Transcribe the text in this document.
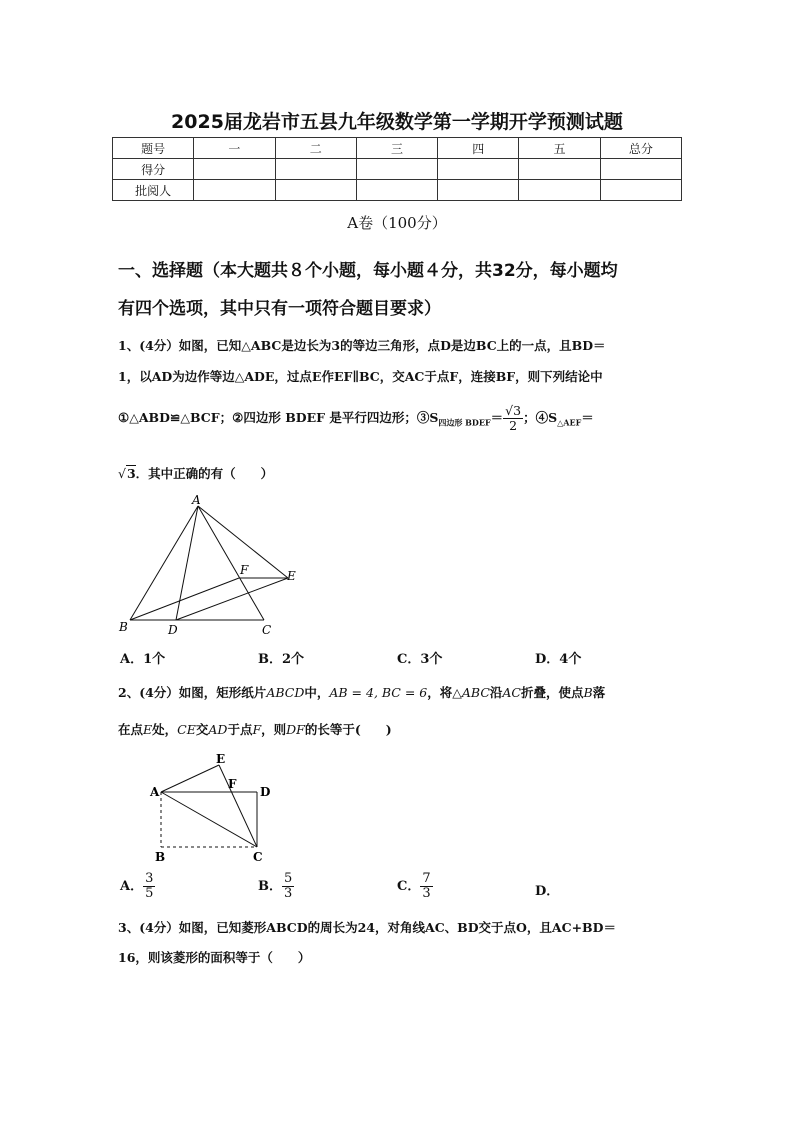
2025届龙岩市五县九年级数学第一学期开学预测试题
题号	一	二	三	四	五	总分
得分						
批阅人						
A卷（100分）
一、选择题（本大题共８个小题，每小题４分，共32分，每小题均
有四个选项，其中只有一项符合题目要求）
1、(4分）如图，已知△ABC是边长为3的等边三角形，点D是边BC上的一点，且BD＝
1，以AD为边作等边△ADE，过点E作EF∥BC，交AC于点F，连接BF，则下列结论中
①△ABD≌△BCF；②四边形 BDEF 是平行四边形；$③S_{四边形 BDEF}= \frac{√3}{2}$ ；$④S_{\triangle AEF}=$
√3．其中正确的有（　　）
A
B	D	C
F	E
A．1个	B．2个	C．3个	D．4个
2、(4分）如图，矩形纸片ABCD中，AB = 4, BC = 6，将△ABC沿AC折叠，使点B落
在点E处，CE交AD于点F，则DF的长等于(　　)
E
A
F
D
B	C
A． $\frac{3}{5}$	B． $\frac{5}{3}$	C． $\frac{7}{3}$	D．
3、(4分）如图，已知菱形ABCD的周长为24，对角线AC、BD交于点O，且AC+BD＝
16，则该菱形的面积等于（　　）
